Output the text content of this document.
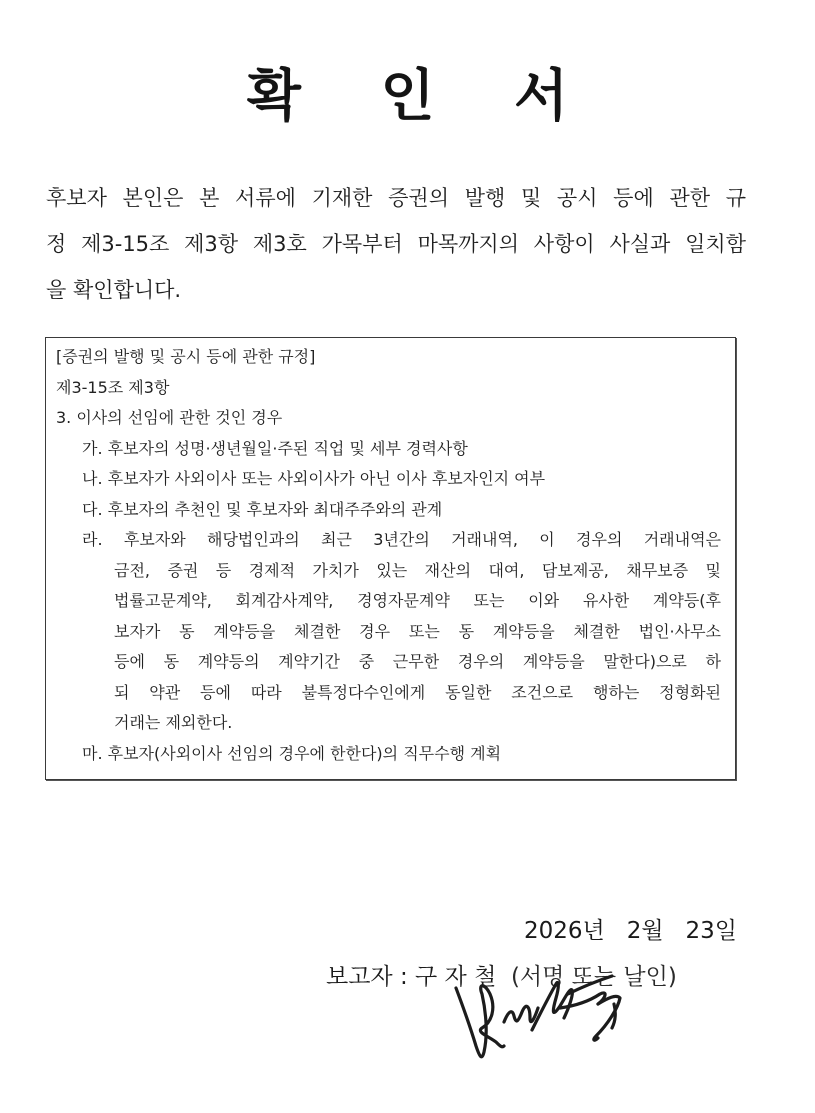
확 인 서
후보자 본인은 본 서류에 기재한 증권의 발행 및 공시 등에 관한 규
정 제3-15조 제3항 제3호 가목부터 마목까지의 사항이 사실과 일치함
을 확인합니다.
[증권의 발행 및 공시 등에 관한 규정]
제3-15조 제3항
3. 이사의 선임에 관한 것인 경우
가. 후보자의 성명·생년월일·주된 직업 및 세부 경력사항
나. 후보자가 사외이사 또는 사외이사가 아닌 이사 후보자인지 여부
다. 후보자의 추천인 및 후보자와 최대주주와의 관계
라. 후보자와 해당법인과의 최근 3년간의 거래내역, 이 경우의 거래내역은
금전, 증권 등 경제적 가치가 있는 재산의 대여, 담보제공, 채무보증 및
법률고문계약, 회계감사계약, 경영자문계약 또는 이와 유사한 계약등(후
보자가 동 계약등을 체결한 경우 또는 동 계약등을 체결한 법인·사무소
등에 동 계약등의 계약기간 중 근무한 경우의 계약등을 말한다)으로 하
되 약관 등에 따라 불특정다수인에게 동일한 조건으로 행하는 정형화된
거래는 제외한다.
마. 후보자(사외이사 선임의 경우에 한한다)의 직무수행 계획
2026년 2월 23일
보고자 : 구 자 철 (서명 또는 날인)
